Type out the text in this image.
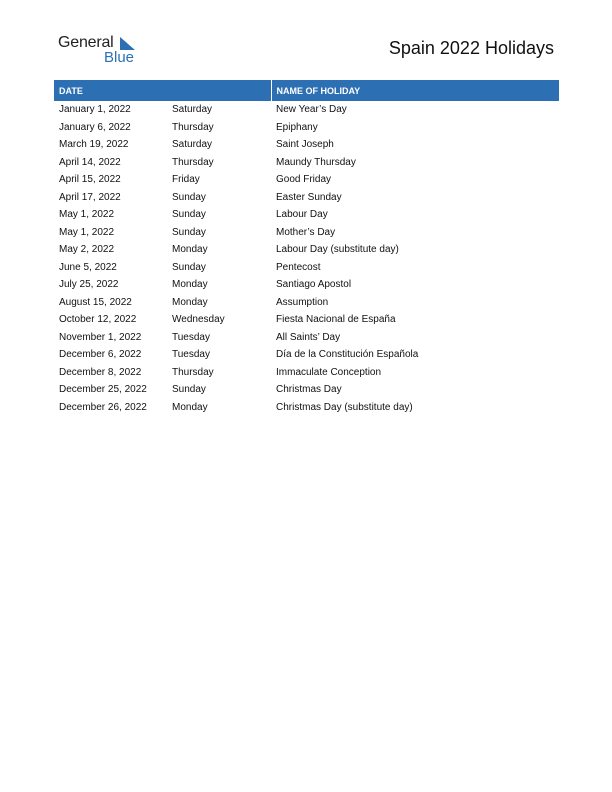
General
Blue	Spain 2022 Holidays
DATE		NAME OF HOLIDAY
January 1, 2022	Saturday	New Year’s Day
January 6, 2022	Thursday	Epiphany
March 19, 2022	Saturday	Saint Joseph
April 14, 2022	Thursday	Maundy Thursday
April 15, 2022	Friday	Good Friday
April 17, 2022	Sunday	Easter Sunday
May 1, 2022	Sunday	Labour Day
May 1, 2022	Sunday	Mother’s Day
May 2, 2022	Monday	Labour Day (substitute day)
June 5, 2022	Sunday	Pentecost
July 25, 2022	Monday	Santiago Apostol
August 15, 2022	Monday	Assumption
October 12, 2022	Wednesday	Fiesta Nacional de España
November 1, 2022	Tuesday	All Saints’ Day
December 6, 2022	Tuesday	Día de la Constitución Española
December 8, 2022	Thursday	Immaculate Conception
December 25, 2022	Sunday	Christmas Day
December 26, 2022	Monday	Christmas Day (substitute day)
